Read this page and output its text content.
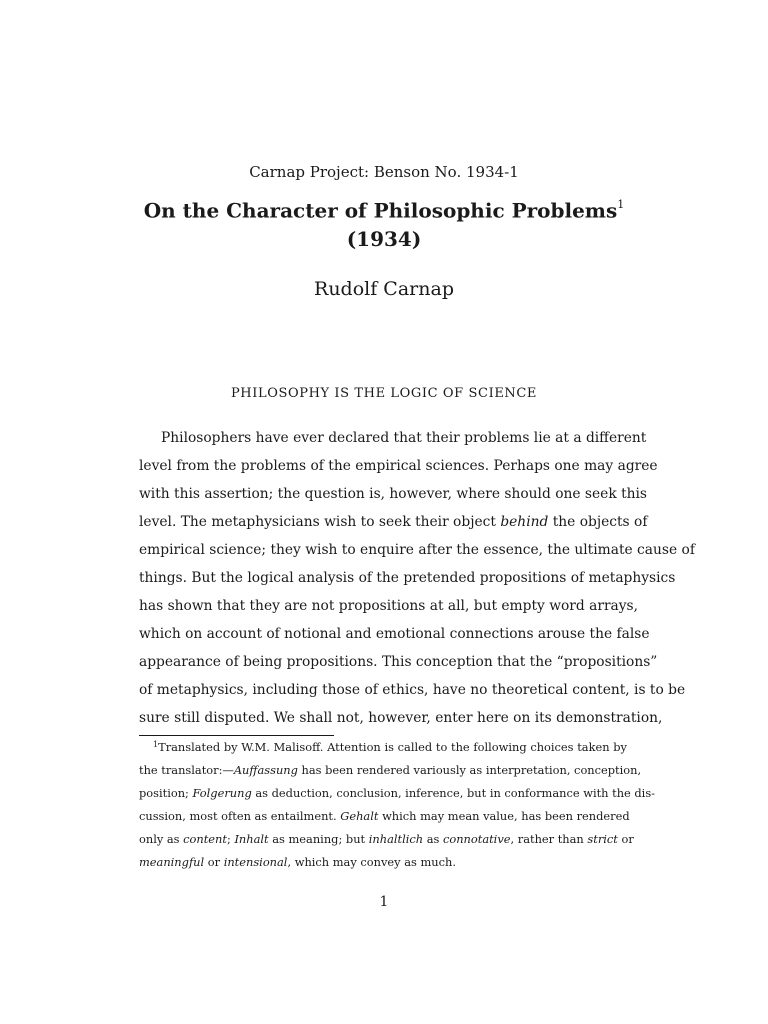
Carnap Project: Benson No. 1934-1
On the Character of Philosophic Problems$^1$
(1934)
Rudolf Carnap
PHILOSOPHY IS THE LOGIC OF SCIENCE
Philosophers have ever declared that their problems lie at a different
level from the problems of the empirical sciences. Perhaps one may agree
with this assertion; the question is, however, where should one seek this
level. The metaphysicians wish to seek their object behind the objects of
empirical science; they wish to enquire after the essence, the ultimate cause of
things. But the logical analysis of the pretended propositions of metaphysics
has shown that they are not propositions at all, but empty word arrays,
which on account of notional and emotional connections arouse the false
appearance of being propositions. This conception that the “propositions”
of metaphysics, including those of ethics, have no theoretical content, is to be
sure still disputed. We shall not, however, enter here on its demonstration,
$^1$Translated by W.M. Malisoff. Attention is called to the following choices taken by
the translator:—Auffassung has been rendered variously as interpretation, conception,
position; Folgerung as deduction, conclusion, inference, but in conformance with the dis-
cussion, most often as entailment. Gehalt which may mean value, has been rendered
only as content; Inhalt as meaning; but inhaltlich as connotative, rather than strict or
meaningful or intensional, which may convey as much.
1
